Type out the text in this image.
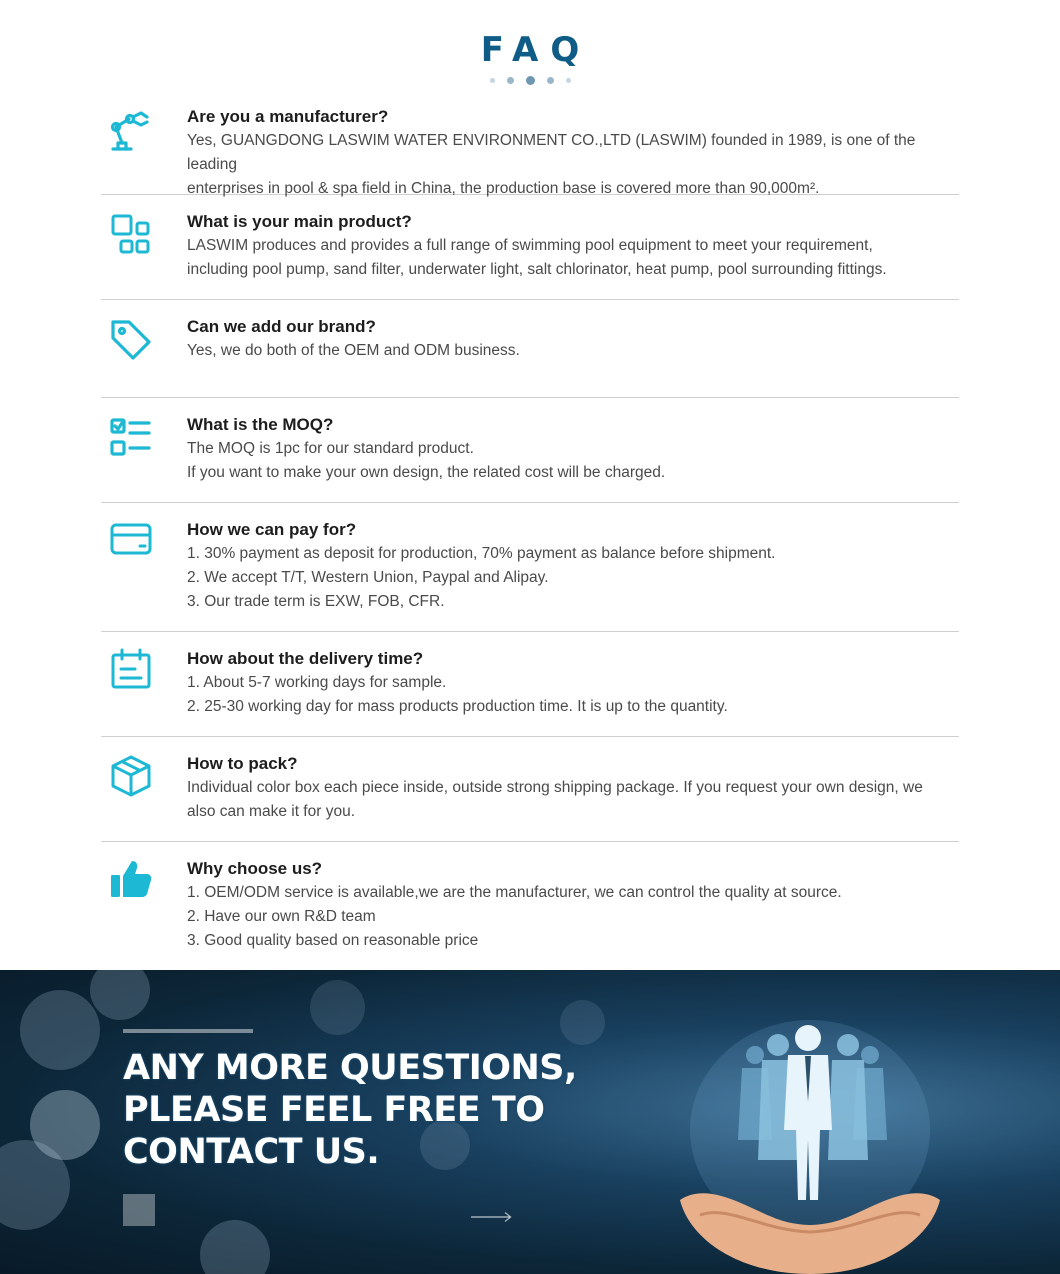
FAQ
Are you a manufacturer?
Yes, GUANGDONG LASWIM WATER ENVIRONMENT CO.,LTD (LASWIM) founded in 1989, is one of the leading
enterprises in pool & spa field in China, the production base is covered more than 90,000m².
What is your main product?
LASWIM produces and provides a full range of swimming pool equipment to meet your requirement,
including pool pump, sand filter, underwater light, salt chlorinator, heat pump, pool surrounding fittings.
Can we add our brand?
Yes, we do both of the OEM and ODM business.
What is the MOQ?
The MOQ is 1pc for our standard product.
If you want to make your own design, the related cost will be charged.
How we can pay for?
1. 30% payment as deposit for production, 70% payment as balance before shipment.
2. We accept T/T, Western Union, Paypal and Alipay.
3. Our trade term is EXW, FOB, CFR.
How about the delivery time?
1. About 5-7 working days for sample.
2. 25-30 working day for mass products production time. It is up to the quantity.
How to pack?
Individual color box each piece inside, outside strong shipping package. If you request your own design, we
also can make it for you.
Why choose us?
1. OEM/ODM service is available,we are the manufacturer, we can control the quality at source.
2. Have our own R&D team
3. Good quality based on reasonable price
ANY MORE QUESTIONS,
PLEASE FEEL FREE TO
CONTACT US.
